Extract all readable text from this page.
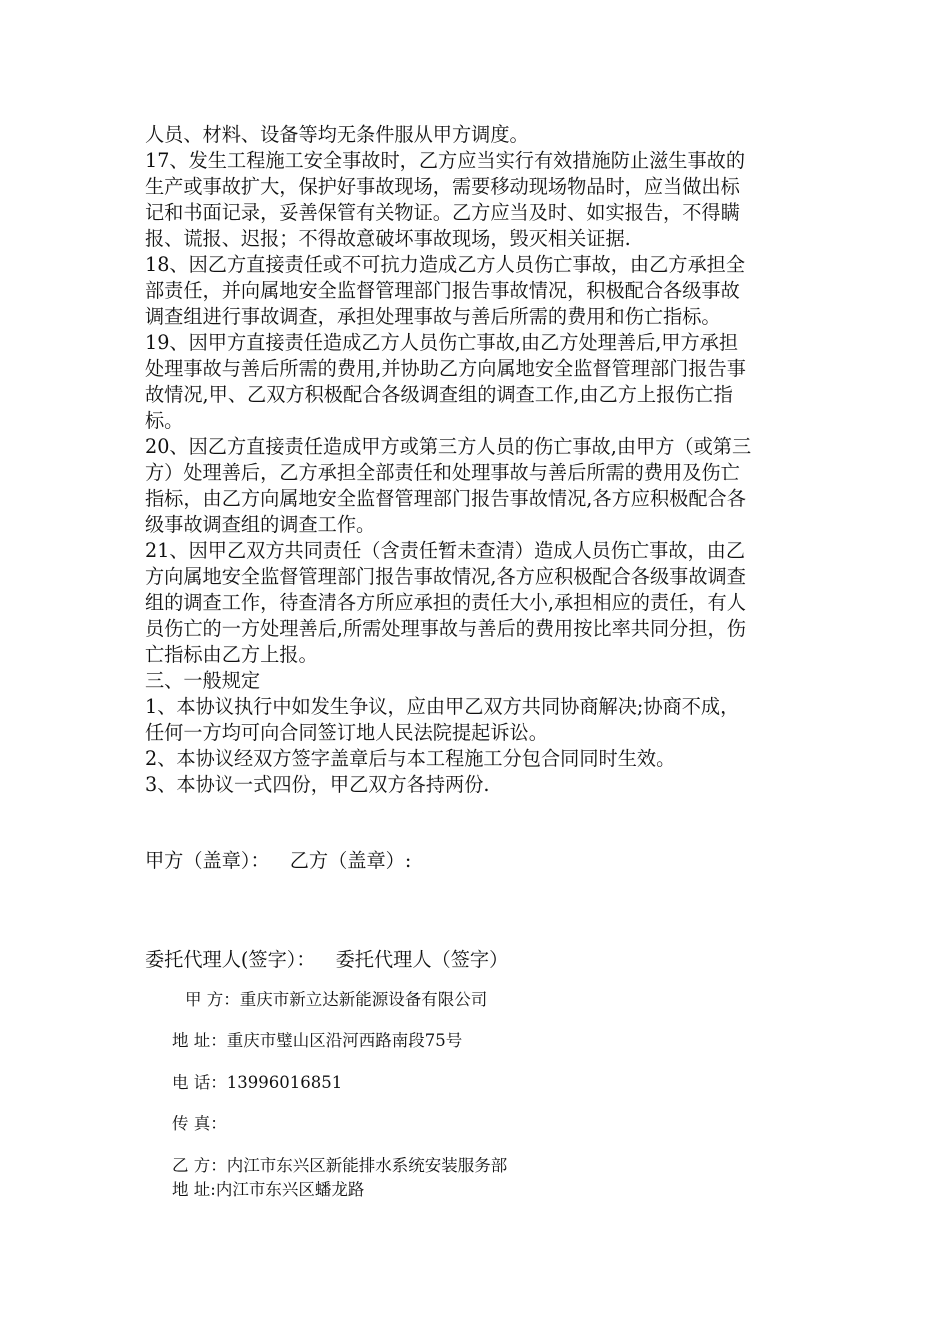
人员、材料、设备等均无条件服从甲方调度。

17、发生工程施工安全事故时，乙方应当实行有效措施防止滋生事故的

生产或事故扩大，保护好事故现场，需要移动现场物品时，应当做出标

记和书面记录，妥善保管有关物证。乙方应当及时、如实报告，不得瞒

报、谎报、迟报；不得故意破坏事故现场，毁灭相关证据.

18、因乙方直接责任或不可抗力造成乙方人员伤亡事故，由乙方承担全

部责任，并向属地安全监督管理部门报告事故情况，积极配合各级事故

调查组进行事故调查，承担处理事故与善后所需的费用和伤亡指标。

19、因甲方直接责任造成乙方人员伤亡事故,由乙方处理善后,甲方承担

处理事故与善后所需的费用,并协助乙方向属地安全监督管理部门报告事

故情况,甲、乙双方积极配合各级调查组的调查工作,由乙方上报伤亡指

标。

20、因乙方直接责任造成甲方或第三方人员的伤亡事故,由甲方（或第三

方）处理善后，乙方承担全部责任和处理事故与善后所需的费用及伤亡

指标，由乙方向属地安全监督管理部门报告事故情况,各方应积极配合各

级事故调查组的调查工作。

21、因甲乙双方共同责任（含责任暂未查清）造成人员伤亡事故，由乙

方向属地安全监督管理部门报告事故情况,各方应积极配合各级事故调查

组的调查工作，待查清各方所应承担的责任大小,承担相应的责任，有人

员伤亡的一方处理善后,所需处理事故与善后的费用按比率共同分担，伤

亡指标由乙方上报。

三、一般规定

1、本协议执行中如发生争议，应由甲乙双方共同协商解决;协商不成，

任何一方均可向合同签订地人民法院提起诉讼。

2、本协议经双方签字盖章后与本工程施工分包合同同时生效。

3、本协议一式四份，甲乙双方各持两份.

甲方（盖章）： 乙方（盖章）:
委托代理人(签字）： 委托代理人（签字）
甲 方：重庆市新立达新能源设备有限公司
地 址：重庆市璧山区沿河西路南段75号
电 话：13996016851
传 真：
乙 方：内江市东兴区新能排水系统安装服务部
地 址:内江市东兴区蟠龙路
